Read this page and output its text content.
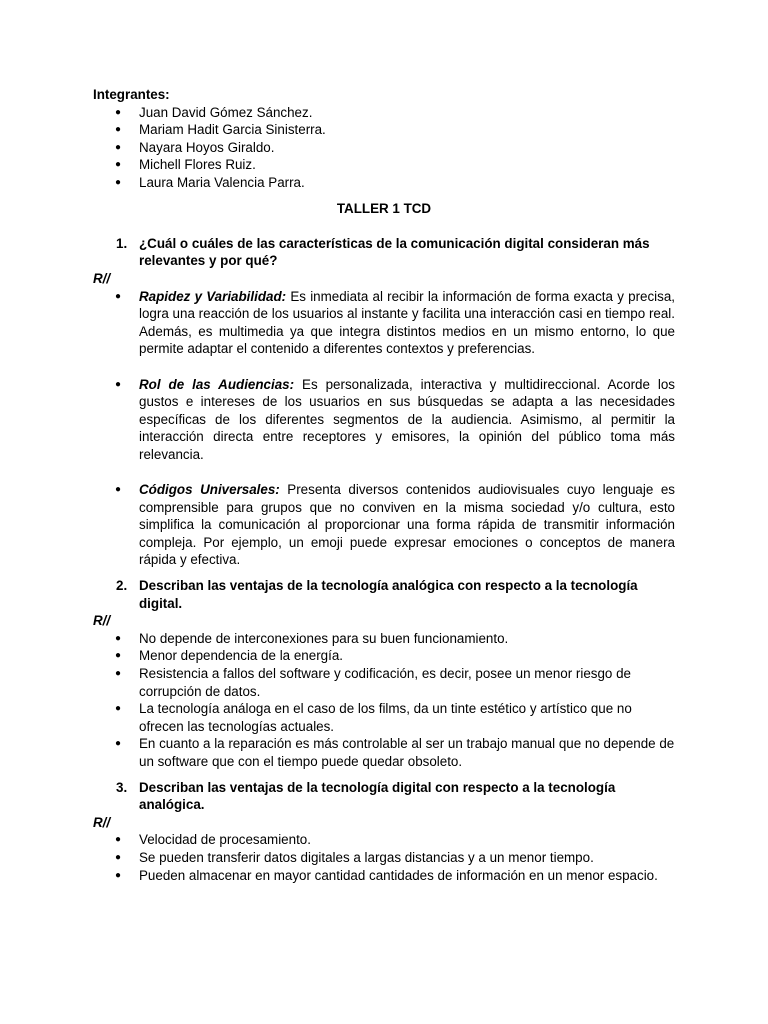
Integrantes:
● Juan David Gómez Sánchez.
● Mariam Hadit Garcia Sinisterra.
● Nayara Hoyos Giraldo.
● Michell Flores Ruiz.
● Laura Maria Valencia Parra.
TALLER 1 TCD
1. ¿Cuál o cuáles de las características de la comunicación digital consideran más relevantes y por qué?
R//
● Rapidez y Variabilidad: Es inmediata al recibir la información de forma exacta y precisa, logra una reacción de los usuarios al instante y facilita una interacción casi en tiempo real. Además, es multimedia ya que integra distintos medios en un mismo entorno, lo que permite adaptar el contenido a diferentes contextos y preferencias.
● Rol de las Audiencias: Es personalizada, interactiva y multidireccional. Acorde los gustos e intereses de los usuarios en sus búsquedas se adapta a las necesidades específicas de los diferentes segmentos de la audiencia. Asimismo, al permitir la interacción directa entre receptores y emisores, la opinión del público toma más relevancia.
● Códigos Universales: Presenta diversos contenidos audiovisuales cuyo lenguaje es comprensible para grupos que no conviven en la misma sociedad y/o cultura, esto simplifica la comunicación al proporcionar una forma rápida de transmitir información compleja. Por ejemplo, un emoji puede expresar emociones o conceptos de manera rápida y efectiva.
2. Describan las ventajas de la tecnología analógica con respecto a la tecnología digital.
R//
● No depende de interconexiones para su buen funcionamiento.
● Menor dependencia de la energía.
● Resistencia a fallos del software y codificación, es decir, posee un menor riesgo de corrupción de datos.
● La tecnología análoga en el caso de los films, da un tinte estético y artístico que no ofrecen las tecnologías actuales.
● En cuanto a la reparación es más controlable al ser un trabajo manual que no depende de un software que con el tiempo puede quedar obsoleto.
3. Describan las ventajas de la tecnología digital con respecto a la tecnología analógica.
R//
● Velocidad de procesamiento.
● Se pueden transferir datos digitales a largas distancias y a un menor tiempo.
● Pueden almacenar en mayor cantidad cantidades de información en un menor espacio.
